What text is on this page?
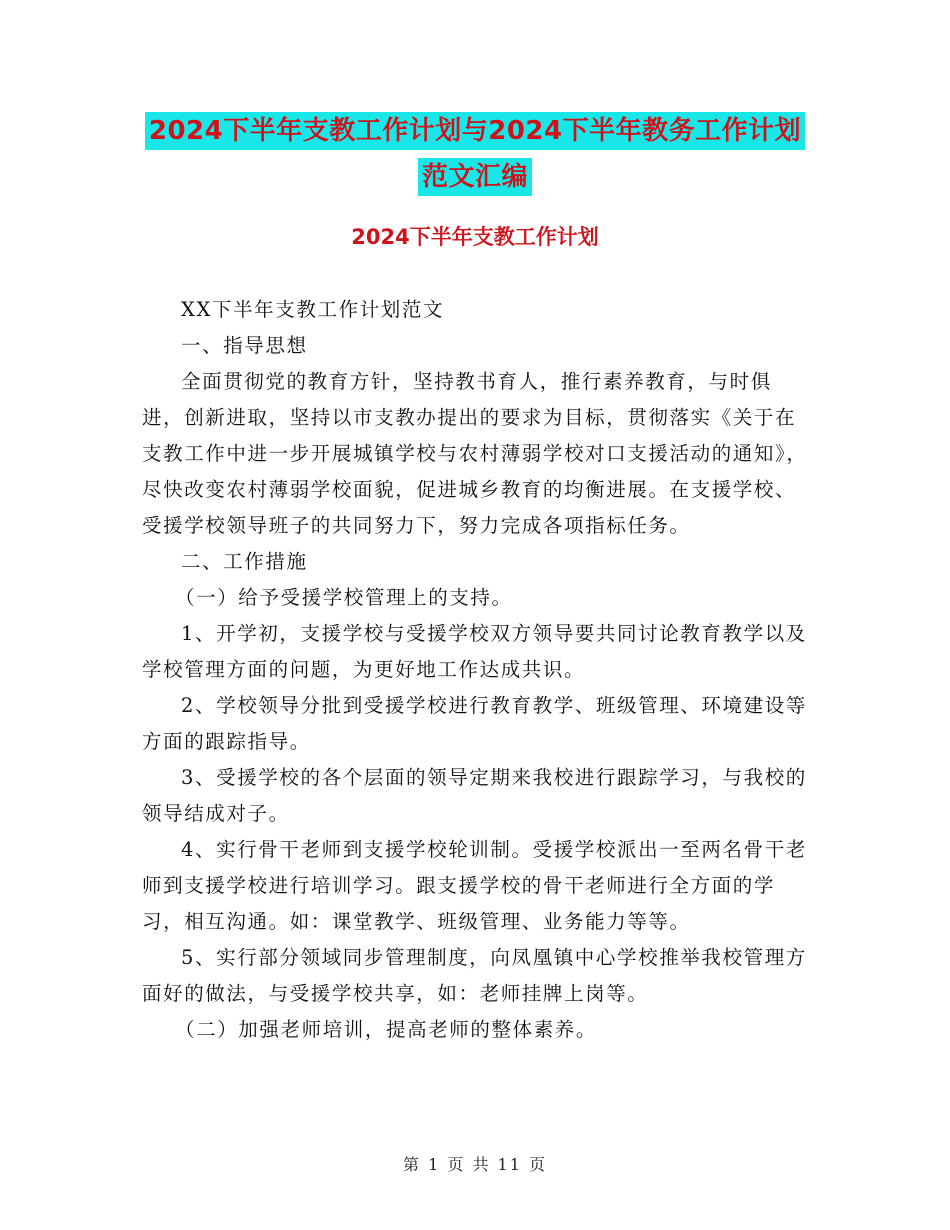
2024下半年支教工作计划与2024下半年教务工作计划
范文汇编
2024下半年支教工作计划

XX下半年支教工作计划范文

一、指导思想

全面贯彻党的教育方针，坚持教书育人，推行素养教育，与时俱进，创新进取，坚持以市支教办提出的要求为目标，贯彻落实《关于在支教工作中进一步开展城镇学校与农村薄弱学校对口支援活动的通知》，尽快改变农村薄弱学校面貌，促进城乡教育的均衡进展。在支援学校、受援学校领导班子的共同努力下，努力完成各项指标任务。

二、工作措施

（一）给予受援学校管理上的支持。

1、开学初，支援学校与受援学校双方领导要共同讨论教育教学以及学校管理方面的问题，为更好地工作达成共识。

2、学校领导分批到受援学校进行教育教学、班级管理、环境建设等方面的跟踪指导。

3、受援学校的各个层面的领导定期来我校进行跟踪学习，与我校的领导结成对子。

4、实行骨干老师到支援学校轮训制。受援学校派出一至两名骨干老师到支援学校进行培训学习。跟支援学校的骨干老师进行全方面的学习，相互沟通。如：课堂教学、班级管理、业务能力等等。

5、实行部分领域同步管理制度，向凤凰镇中心学校推举我校管理方面好的做法，与受援学校共享，如：老师挂牌上岗等。

（二）加强老师培训，提高老师的整体素养。

第 1 页 共 11 页
